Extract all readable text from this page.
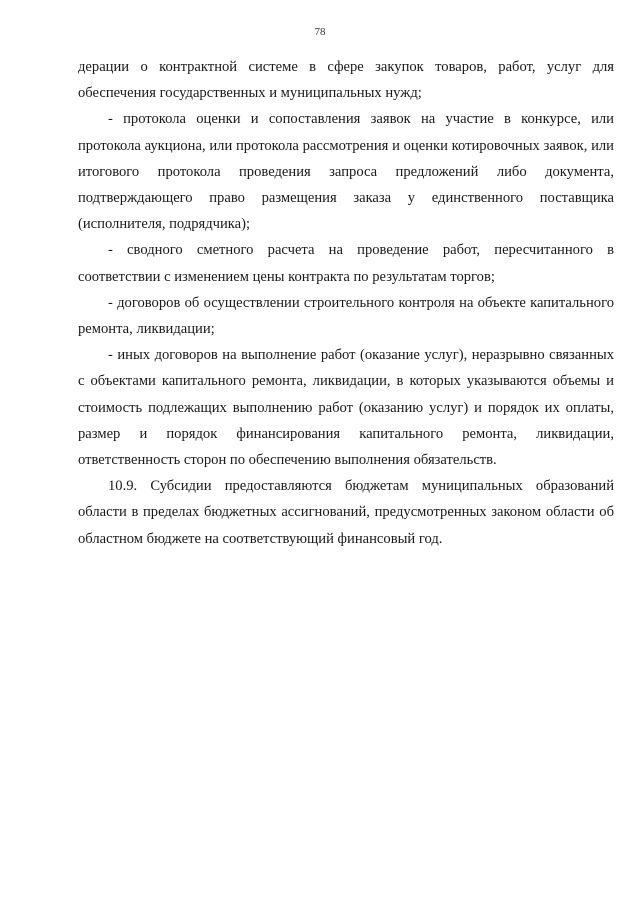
78

дерации о контрактной системе в сфере закупок товаров, работ, услуг для обеспечения государственных и муниципальных нужд;

- протокола оценки и сопоставления заявок на участие в конкурсе, или протокола аукциона, или протокола рассмотрения и оценки котировочных заявок, или итогового протокола проведения запроса предложений либо документа, подтверждающего право размещения заказа у единственного поставщика (исполнителя, подрядчика);

- сводного сметного расчета на проведение работ, пересчитанного в соответствии с изменением цены контракта по результатам торгов;

- договоров об осуществлении строительного контроля на объекте капитального ремонта, ликвидации;

- иных договоров на выполнение работ (оказание услуг), неразрывно связанных с объектами капитального ремонта, ликвидации, в которых указываются объемы и стоимость подлежащих выполнению работ (оказанию услуг) и порядок их оплаты, размер и порядок финансирования капитального ремонта, ликвидации, ответственность сторон по обеспечению выполнения обязательств.

10.9. Субсидии предоставляются бюджетам муниципальных образований области в пределах бюджетных ассигнований, предусмотренных законом области об областном бюджете на соответствующий финансовый год.
